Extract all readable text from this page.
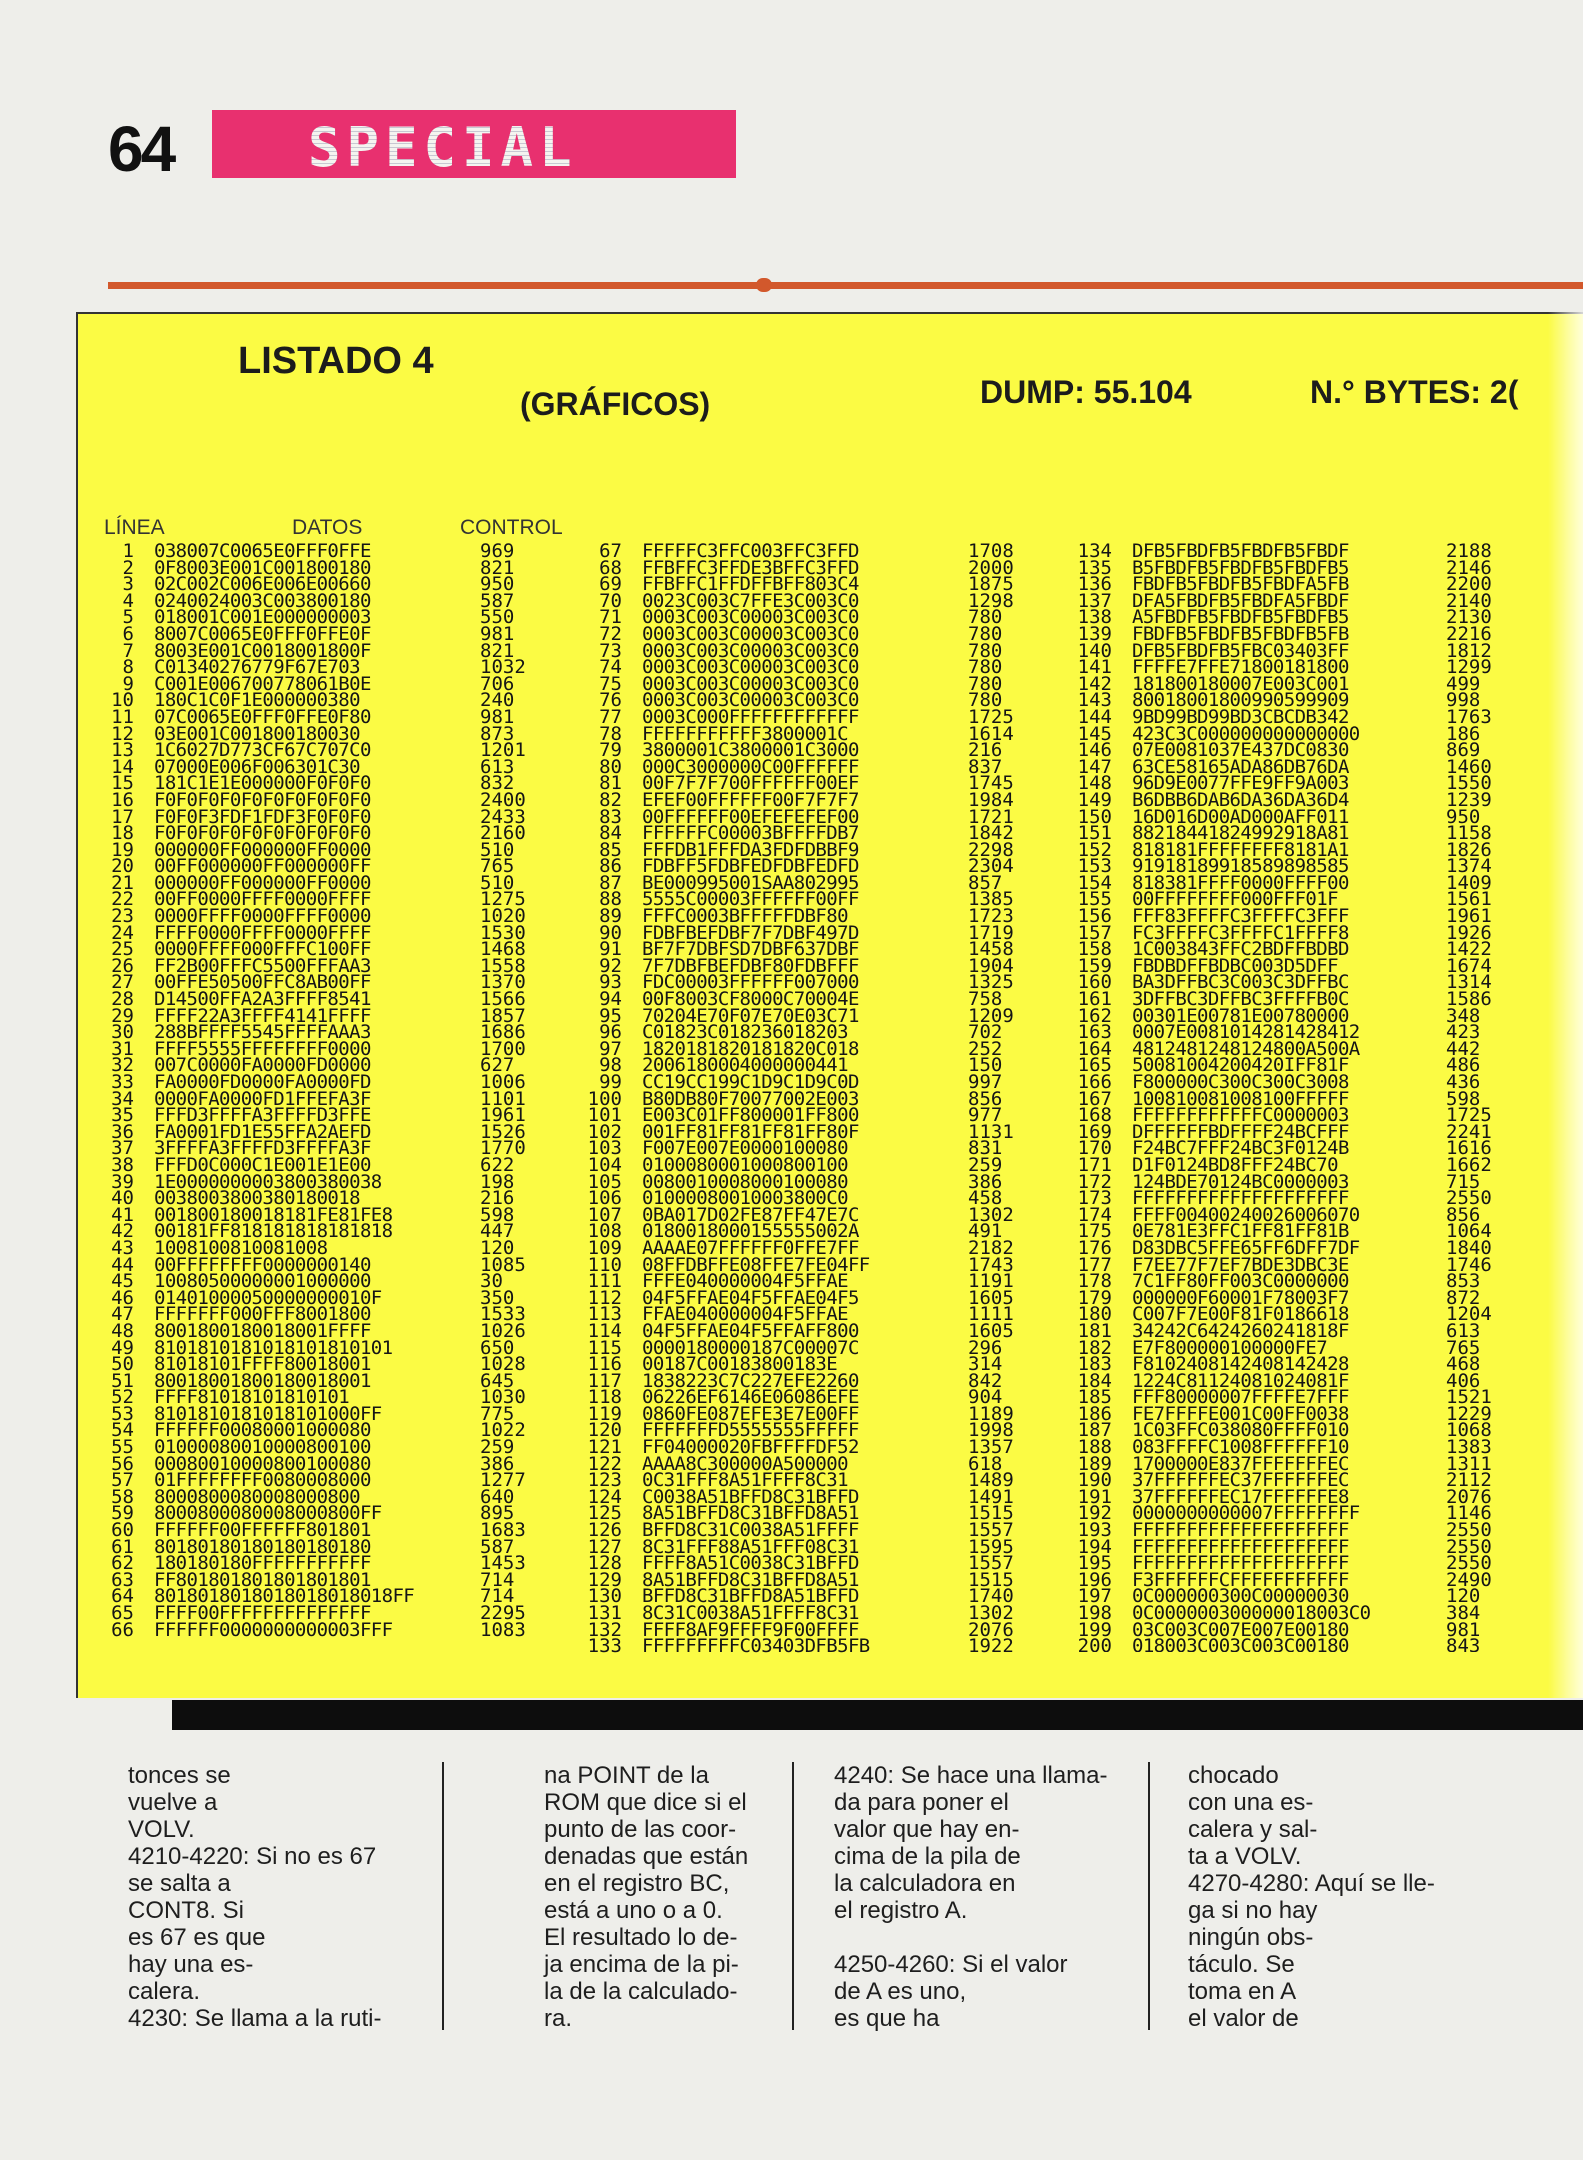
64 SPECIAL
LISTADO 4
(GRÁFICOS)	DUMP: 55.104	N.° BYTES: 2(
LÍNEA	DATOS	CONTROL
1 038007C0065E0FFF0FFE	969
2 0F8003E001C001800180	821
3 02C002C006E006E00660	950
4 0240024003C003800180	587
5 018001C001E000000003	550
6 8007C0065E0FFF0FFE0F	981
7 8003E001C0018001800F	821
8 C01340276779F67E703	1032
9 C001E006700778061B0E	706
10 180C1C0F1E000000380	240
11 07C0065E0FFF0FFE0F80	981
12 03E001C001800180030	873
13 1C6027D773CF67C707C0	1201
14 07000E006F006301C30	613
15 181C1E1E000000F0F0F0	832
16 F0F0F0F0F0F0F0F0F0F0	2400
17 F0F0F3FDF1FDF3F0F0F0	2433
18 F0F0F0F0F0F0F0F0F0F0	2160
19 000000FF000000FF0000	510
20 00FF000000FF000000FF	765
21 000000FF000000FF0000	510
22 00FF0000FFFF0000FFFF	1275
23 0000FFFF0000FFFF0000	1020
24 FFFF0000FFFF0000FFFF	1530
25 0000FFFF000FFFC100FF	1468
26 FF2B00FFFC5500FFFAA3	1558
27 00FFE50500FFC8AB00FF	1370
28 D14500FFA2A3FFFF8541	1566
29 FFFF22A3FFFF4141FFFF	1857
30 288BFFFF5545FFFFAAA3	1686
31 FFFF5555FFFFFFFF0000	1700
32 007C0000FA0000FD0000	627
33 FA0000FD0000FA0000FD	1006
34 0000FA0000FD1FFEFA3F	1101
35 FFFD3FFFFA3FFFFD3FFE	1961
36 FA0001FD1E55FFA2AEFD	1526
37 3FFFFA3FFFFD3FFFFA3F	1770
38 FFFD0C000C1E001E1E00	622
39 1E0000000003800380038	198
40 0038003800380180018	216
41 001800180018181FE81FE8	598
42 00181FF818181818181818	447
43 1008100810081008	120
44 00FFFFFFFF0000000140	1085
45 10080500000001000000	30
46 01401000050000000010F	350
47 FFFFFFF000FFF8001800	1533
48 8001800180018001FFFF	1026
49 8101810181018101810101	650
50 81018101FFFF80018001	1028
51 80018001800180018001	645
52 FFFF81018101810101	1030
53 8101810181018101000FF	775
54 FFFFFF00080001000080	1022
55 01000080010000800100	259
56 00080010000800100080	386
57 01FFFFFFFF0080008000	1277
58 8000800080008000800	640
59 8000800080008000800FF	895
60 FFFFFF00FFFFFF801801	1683
61 80180180180180180180	587
62 180180180FFFFFFFFFFF	1453
63 FF801801801801801801	714
64 8018018018018018018018FF	714
65 FFFF00FFFFFFFFFFFFFF	2295
66 FFFFFF0000000000003FFF	1083
67 FFFFFC3FFC003FFC3FFD	1708
68 FFBFFC3FFDE3BFFC3FFD	2000
69 FFBFFC1FFDFFBFF803C4	1875
70 0023C003C7FFE3C003C0	1298
71 0003C003C00003C003C0	780
72 0003C003C00003C003C0	780
73 0003C003C00003C003C0	780
74 0003C003C00003C003C0	780
75 0003C003C00003C003C0	780
76 0003C003C00003C003C0	780
77 0003C000FFFFFFFFFFFF	1725
78 FFFFFFFFFFF3800001C	1614
79 3800001C3800001C3000	216
80 000C3000000C00FFFFFF	837
81 00F7F7F700FFFFFF00EF	1745
82 EFEF00FFFFFF00F7F7F7	1984
83 00FFFFFF00EFEFEFEF00	1721
84 FFFFFFC00003BFFFFDB7	1842
85 FFFDB1FFFDA3FDFDBBF9	2298
86 FDBFF5FDBFEDFDBFEDFD	2304
87 BE000995001SAA802995	857
88 5555C00003FFFFFF00FF	1385
89 FFFC0003BFFFFFDBF80	1723
90 FDBFBEFDBF7F7DBF497D	1719
91 BF7F7DBFSD7DBF637DBF	1458
92 7F7DBFBEFDBF80FDBFFF	1904
93 FDC00003FFFFFF007000	1325
94 00F8003CF8000C70004E	758
95 70204E70F07E70E03C71	1209
96 C01823C018236018203	702
97 1820181820181820C018	252
98 2006180004000000441	150
99 CC19CC199C1D9C1D9C0D	997
100 B80DB80F70077002E003	856
101 E003C01FF800001FF800	977
102 001FF81FF81FF81FF80F	1131
103 F007E007E0000100080	831
104 0100080001000800100	259
105 0080010008000100080	386
106 01000080010003800C0	458
107 0BA017D02FE87FF47E7C	1302
108 0180018000155555002A	491
109 AAAAE07FFFFFF0FFE7FF	2182
110 08FFDBFFE08FFE7FE04FF	1743
111 FFFE040000004F5FFAE	1191
112 04F5FFAE04F5FFAE04F5	1605
113 FFAE040000004F5FFAE	1111
114 04F5FFAE04F5FFAFF800	1605
115 0000180000187C00007C	296
116 00187C00183800183E	314
117 1838223C7C227EFE2260	842
118 06226EF6146E06086EFE	904
119 0860FE087EFE3E7E00FF	1189
120 FFFFFFFD5555555FFFFF	1998
121 FF04000020FBFFFFDF52	1357
122 AAAA8C300000A500000	618
123 0C31FFF8A51FFFF8C31	1489
124 C0038A51BFFD8C31BFFD	1491
125 8A51BFFD8C31BFFD8A51	1515
126 BFFD8C31C0038A51FFFF	1557
127 8C31FFF88A51FFF08C31	1595
128 FFFF8A51C0038C31BFFD	1557
129 8A51BFFD8C31BFFD8A51	1515
130 BFFD8C31BFFD8A51BFFD	1740
131 8C31C0038A51FFFF8C31	1302
132 FFFF8AF9FFFF9F00FFFF	2076
133 FFFFFFFFFC03403DFB5FB	1922
134 DFB5FBDFB5FBDFB5FBDF	2188
135 B5FBDFB5FBDFB5FBDFB5	2146
136 FBDFB5FBDFB5FBDFA5FB	2200
137 DFA5FBDFB5FBDFA5FBDF	2140
138 A5FBDFB5FBDFB5FBDFB5	2130
139 FBDFB5FBDFB5FBDFB5FB	2216
140 DFB5FBDFB5FBC03403FF	1812
141 FFFFE7FFE71800181800	1299
142 181800180007E003C001	499
143 80018001800990599909	998
144 9BD99BD99BD3CBCDB342	1763
145 423C3C000000000000000	186
146 07E0081037E437DC0830	869
147 63CE58165ADA86DB76DA	1460
148 96D9E0077FFE9FF9A003	1550
149 B6DBB6DAB6DA36DA36D4	1239
150 16D016D00AD000AFF011	950
151 88218441824992918A81	1158
152 818181FFFFFFFF8181A1	1826
153 91918189918589898585	1374
154 818381FFFF0000FFFF00	1409
155 00FFFFFFFF000FFF01F	1561
156 FFF83FFFFC3FFFFC3FFF	1961
157 FC3FFFFC3FFFFC1FFFF8	1926
158 1C003843FFC2BDFFBDBD	1422
159 FBDBDFFBDBC003D5DFF	1674
160 BA3DFFBC3C003C3DFFBC	1314
161 3DFFBC3DFFBC3FFFFB0C	1586
162 00301E00781E00780000	348
163 0007E0081014281428412	423
164 4812481248124800A500A	442
165 50081004200420IFF81F	486
166 F800000C300C300C3008	436
167 100810081008100FFFFF	598
168 FFFFFFFFFFFFC0000003	1725
169 DFFFFFFBDFFFF24BCFFF	2241
170 F24BC7FFF24BC3F0124B	1616
171 D1F0124BD8FFF24BC70	1662
172 124BDE70124BC0000003	715
173 FFFFFFFFFFFFFFFFFFFF	2550
174 FFFF00400240026006070	856
175 0E781E3FFC1FF81FF81B	1064
176 D83DBC5FFE65FF6DFF7DF	1840
177 F7EE77F7EF7BDE3DBC3E	1746
178 7C1FF80FF003C0000000	853
179 000000F60001F78003F7	872
180 C007F7E00F81F0186618	1204
181 34242C6424260241818F	613
182 E7F800000100000FE7	765
183 F8102408142408142428	468
184 1224C81124081024081F	406
185 FFF80000007FFFFE7FFF	1521
186 FE7FFFFE001C00FF0038	1229
187 1C03FFC038080FFFF010	1068
188 083FFFFC1008FFFFFF10	1383
189 1700000E837FFFFFFFEC	1311
190 37FFFFFFEC37FFFFFFEC	2112
191 37FFFFFFEC17FFFFFFE8	2076
192 0000000000007FFFFFFFF	1146
193 FFFFFFFFFFFFFFFFFFFF	2550
194 FFFFFFFFFFFFFFFFFFFF	2550
195 FFFFFFFFFFFFFFFFFFFF	2550
196 F3FFFFFFCFFFFFFFFFFF	2490
197 0C000000300C00000030	120
198 0C000000300000018003C0	384
199 03C003C007E007E00180	981
200 018003C003C003C00180	843

tonces se

vuelve a

VOLV.

4210-4220: Si no es 67

se salta a

CONT8. Si

es 67 es que

hay una es-

calera.

4230: Se llama a la ruti-

na POINT de la

ROM que dice si el

punto de las coor-

denadas que están

en el registro BC,

está a uno o a 0.

El resultado lo de-

ja encima de la pi-

la de la calculado-

ra.

4240: Se hace una llama-

da para poner el

valor que hay en-

cima de la pila de

la calculadora en

el registro A.

4250-4260: Si el valor

de A es uno,

es que ha

chocado

con una es-

calera y sal-

ta a VOLV.

4270-4280: Aquí se lle-

ga si no hay

ningún obs-

táculo. Se

toma en A

el valor de
